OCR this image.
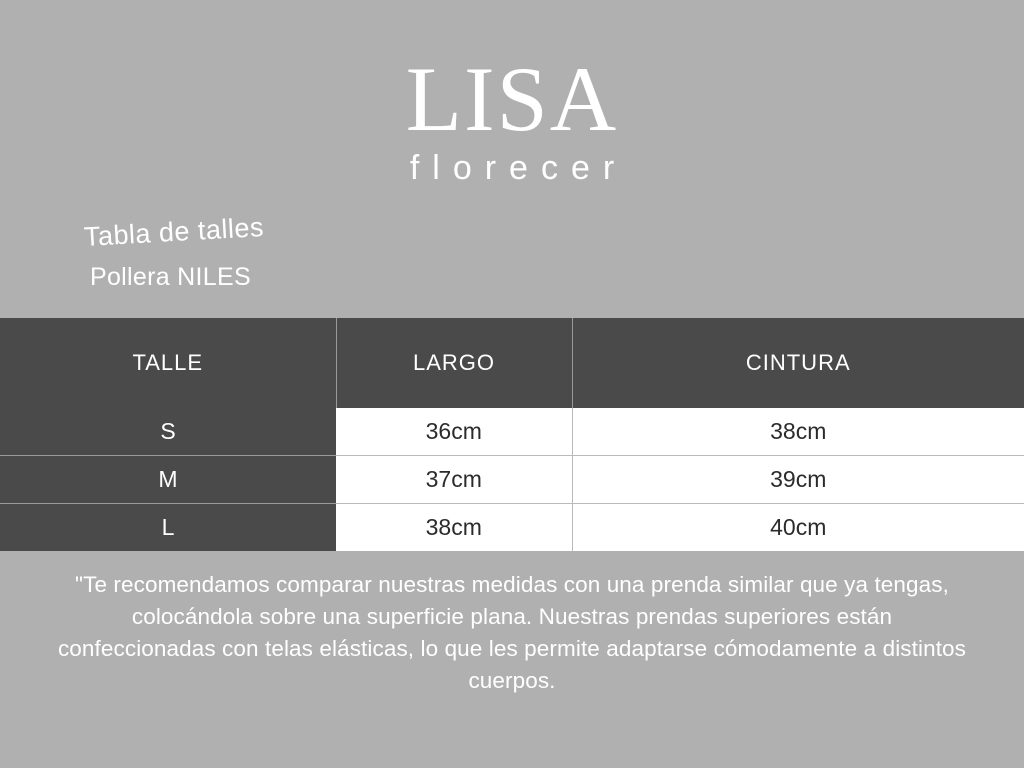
LISA
florecer
Tabla de talles
Pollera NILES
TALLE	LARGO	CINTURA
S	36cm	38cm
M	37cm	39cm
L	38cm	40cm
"Te recomendamos comparar nuestras medidas con una prenda similar que ya tengas, colocándola sobre una superficie plana. Nuestras prendas superiores están confeccionadas con telas elásticas, lo que les permite adaptarse cómodamente a distintos cuerpos.
